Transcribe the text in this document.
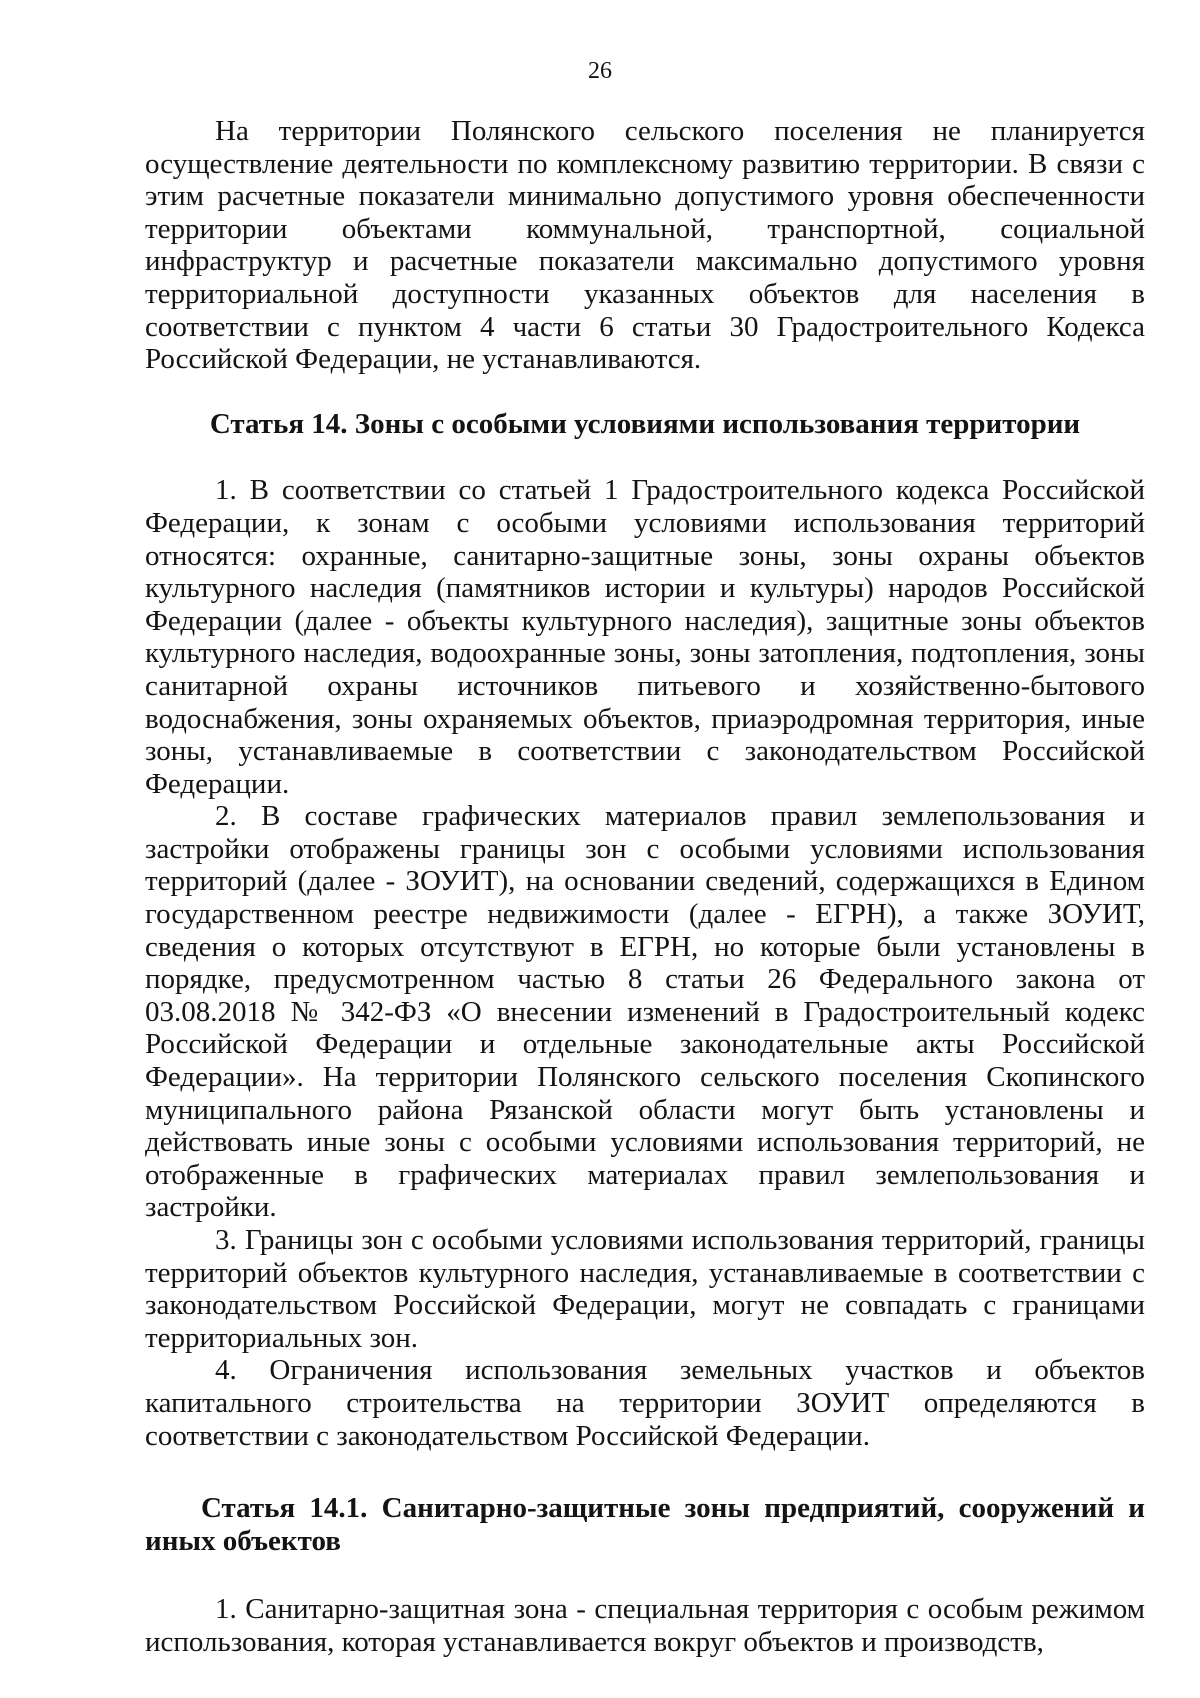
26

На территории Полянского сельского поселения не планируется осуществление деятельности по комплексному развитию территории. В связи с этим расчетные показатели минимально допустимого уровня обеспеченности территории объектами коммунальной, транспортной, социальной инфраструктур и расчетные показатели максимально допустимого уровня территориальной доступности указанных объектов для населения в соответствии с пунктом 4 части 6 статьи 30 Градостроительного Кодекса Российской Федерации, не устанавливаются.

Статья 14. Зоны с особыми условиями использования территории

1. В соответствии со статьей 1 Градостроительного кодекса Российской Федерации, к зонам с особыми условиями использования территорий относятся: охранные, санитарно-защитные зоны, зоны охраны объектов культурного наследия (памятников истории и культуры) народов Российской Федерации (далее - объекты культурного наследия), защитные зоны объектов культурного наследия, водоохранные зоны, зоны затопления, подтопления, зоны санитарной охраны источников питьевого и хозяйственно-бытового водоснабжения, зоны охраняемых объектов, приаэродромная территория, иные зоны, устанавливаемые в соответствии с законодательством Российской Федерации.

2. В составе графических материалов правил землепользования и застройки отображены границы зон с особыми условиями использования территорий (далее - ЗОУИТ), на основании сведений, содержащихся в Едином государственном реестре недвижимости (далее - ЕГРН), а также ЗОУИТ, сведения о которых отсутствуют в ЕГРН, но которые были установлены в порядке, предусмотренном частью 8 статьи 26 Федерального закона от 03.08.2018 № 342-ФЗ «О внесении изменений в Градостроительный кодекс Российской Федерации и отдельные законодательные акты Российской Федерации». На территории Полянского сельского поселения Скопинского муниципального района Рязанской области могут быть установлены и действовать иные зоны с особыми условиями использования территорий, не отображенные в графических материалах правил землепользования и застройки.

3. Границы зон с особыми условиями использования территорий, границы территорий объектов культурного наследия, устанавливаемые в соответствии с законодательством Российской Федерации, могут не совпадать с границами территориальных зон.

4. Ограничения использования земельных участков и объектов капитального строительства на территории ЗОУИТ определяются в соответствии с законодательством Российской Федерации.

Статья 14.1. Санитарно-защитные зоны предприятий, сооружений и иных объектов

1. Санитарно-защитная зона - специальная территория с особым режимом использования, которая устанавливается вокруг объектов и производств,
